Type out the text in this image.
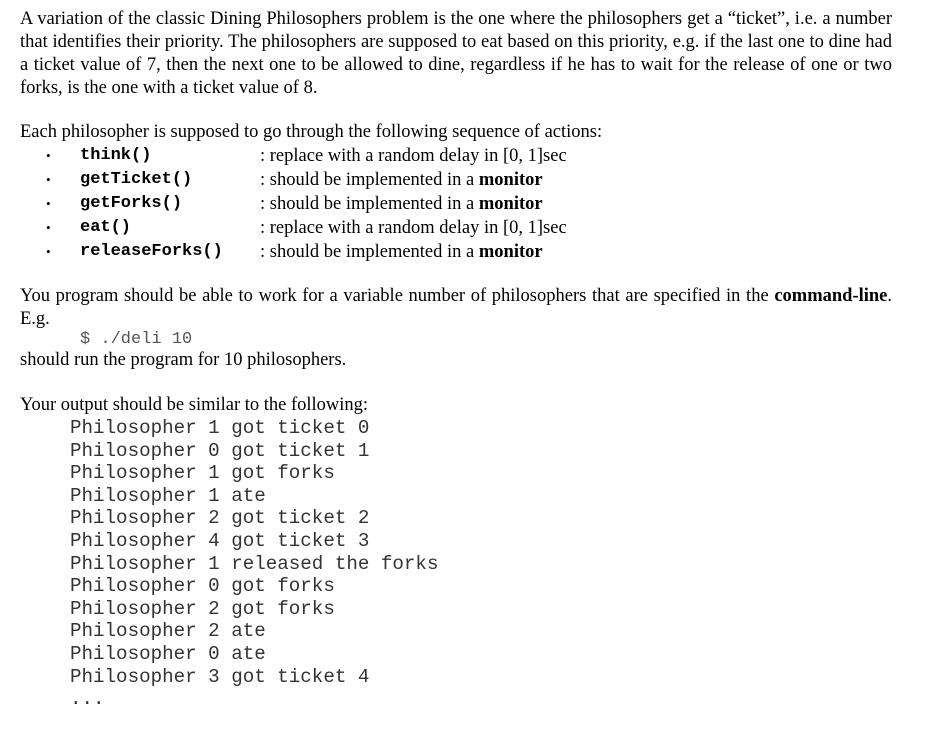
A variation of the classic Dining Philosophers problem is the one where the philosophers get a “ticket”, i.e. a number that identifies their priority. The philosophers are supposed to eat based on this priority, e.g. if the last one to dine had a ticket value of 7, then the next one to be allowed to dine, regardless if he has to wait for the release of one or two forks, is the one with a ticket value of 8.

Each philosopher is supposed to go through the following sequence of actions:

• think()	: replace with a random delay in [0, 1]sec
• getTicket()	: should be implemented in a monitor
• getForks()	: should be implemented in a monitor
• eat()	: replace with a random delay in [0, 1]sec
• releaseForks() : should be implemented in a monitor

You program should be able to work for a variable number of philosophers that are specified in the command-line. E.g.

$ ./deli 10

should run the program for 10 philosophers.

Your output should be similar to the following:

Philosopher 1 got ticket 0
Philosopher 0 got ticket 1
Philosopher 1 got forks
Philosopher 1 ate
Philosopher 2 got ticket 2
Philosopher 4 got ticket 3
Philosopher 1 released the forks
Philosopher 0 got forks
Philosopher 2 got forks
Philosopher 2 ate
Philosopher 0 ate
Philosopher 3 got ticket 4
...
